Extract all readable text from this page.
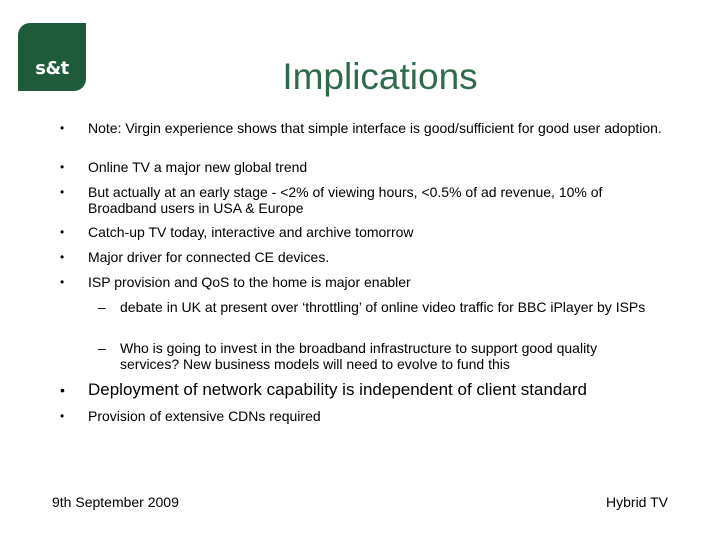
s&t	Implications
• Note: Virgin experience shows that simple interface is good/sufficient for good user adoption.
• Online TV a major new global trend
• But actually at an early stage - <2% of viewing hours, <0.5% of ad revenue, 10% of Broadband users in USA & Europe
• Catch-up TV today, interactive and archive tomorrow
• Major driver for connected CE devices.
• ISP provision and QoS to the home is major enabler
– debate in UK at present over ‘throttling’ of online video traffic for BBC iPlayer by ISPs
– Who is going to invest in the broadband infrastructure to support good quality services? New business models will need to evolve to fund this
• Deployment of network capability is independent of client standard
• Provision of extensive CDNs required
9th September 2009	Hybrid TV
